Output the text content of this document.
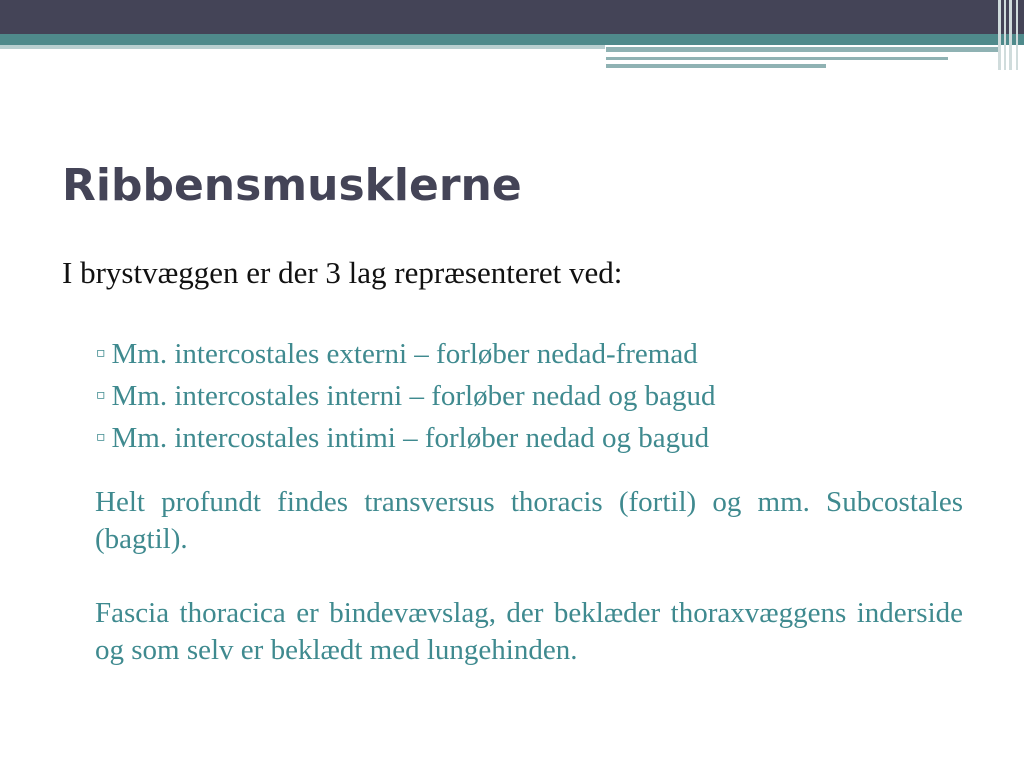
Ribbensmusklerne
I brystvæggen er der 3 lag repræsenteret ved:
▫ Mm. intercostales externi – forløber nedad-fremad
▫ Mm. intercostales interni – forløber nedad og bagud
▫ Mm. intercostales intimi – forløber nedad og bagud

Helt profundt findes transversus thoracis (fortil) og mm. Subcostales (bagtil).

Fascia thoracica er bindevævslag, der beklæder thoraxvæggens inderside og som selv er beklædt med lungehinden.
